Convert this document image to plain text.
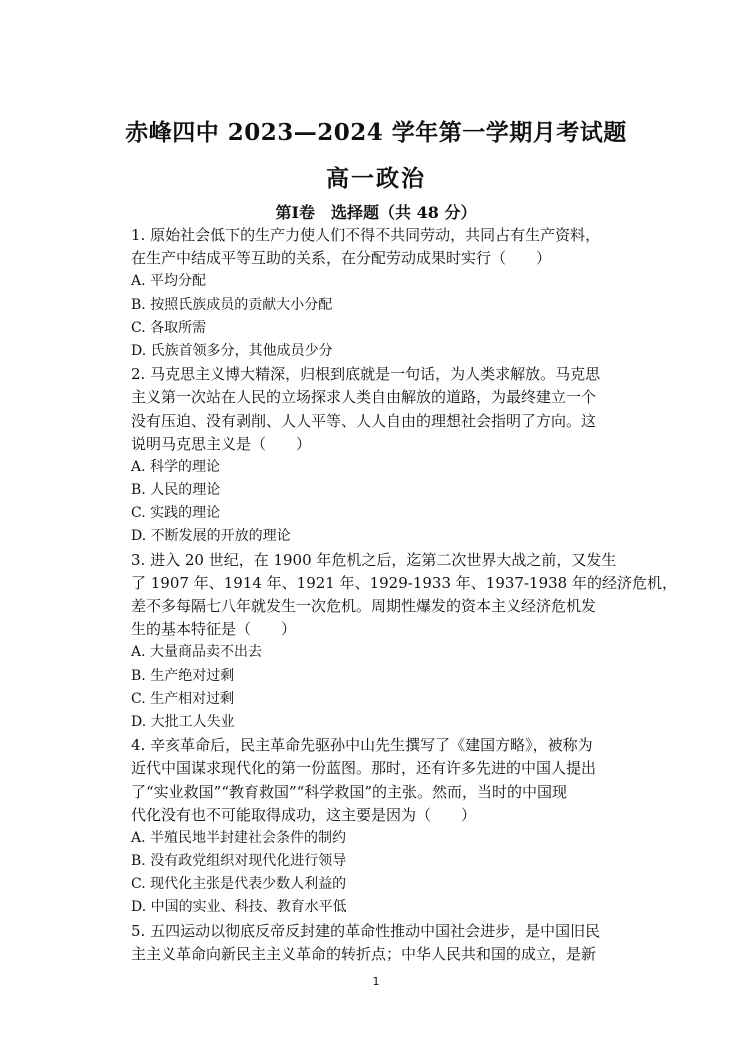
赤峰四中 2023—2024 学年第一学期月考试题
高一政治
第Ⅰ卷　选择题（共 48 分）
1. 原始社会低下的生产力使人们不得不共同劳动，共同占有生产资料，
在生产中结成平等互助的关系，在分配劳动成果时实行（　　）
A. 平均分配
B. 按照氏族成员的贡献大小分配
C. 各取所需
D. 氏族首领多分，其他成员少分
2. 马克思主义博大精深，归根到底就是一句话，为人类求解放。马克思
主义第一次站在人民的立场探求人类自由解放的道路，为最终建立一个
没有压迫、没有剥削、人人平等、人人自由的理想社会指明了方向。这
说明马克思主义是（　　）
A. 科学的理论
B. 人民的理论
C. 实践的理论
D. 不断发展的开放的理论
3. 进入 20 世纪，在 1900 年危机之后，迄第二次世界大战之前，又发生
了 1907 年、1914 年、1921 年、1929-1933 年、1937-1938 年的经济危机，
差不多每隔七八年就发生一次危机。周期性爆发的资本主义经济危机发
生的基本特征是（　　）
A. 大量商品卖不出去
B. 生产绝对过剩
C. 生产相对过剩
D. 大批工人失业
4. 辛亥革命后，民主革命先驱孙中山先生撰写了《建国方略》，被称为
近代中国谋求现代化的第一份蓝图。那时，还有许多先进的中国人提出
了“实业救国”“教育救国”“科学救国”的主张。然而，当时的中国现
代化没有也不可能取得成功，这主要是因为（　　）
A. 半殖民地半封建社会条件的制约
B. 没有政党组织对现代化进行领导
C. 现代化主张是代表少数人利益的
D. 中国的实业、科技、教育水平低
5. 五四运动以彻底反帝反封建的革命性推动中国社会进步，是中国旧民
主主义革命向新民主主义革命的转折点；中华人民共和国的成立，是新
1
